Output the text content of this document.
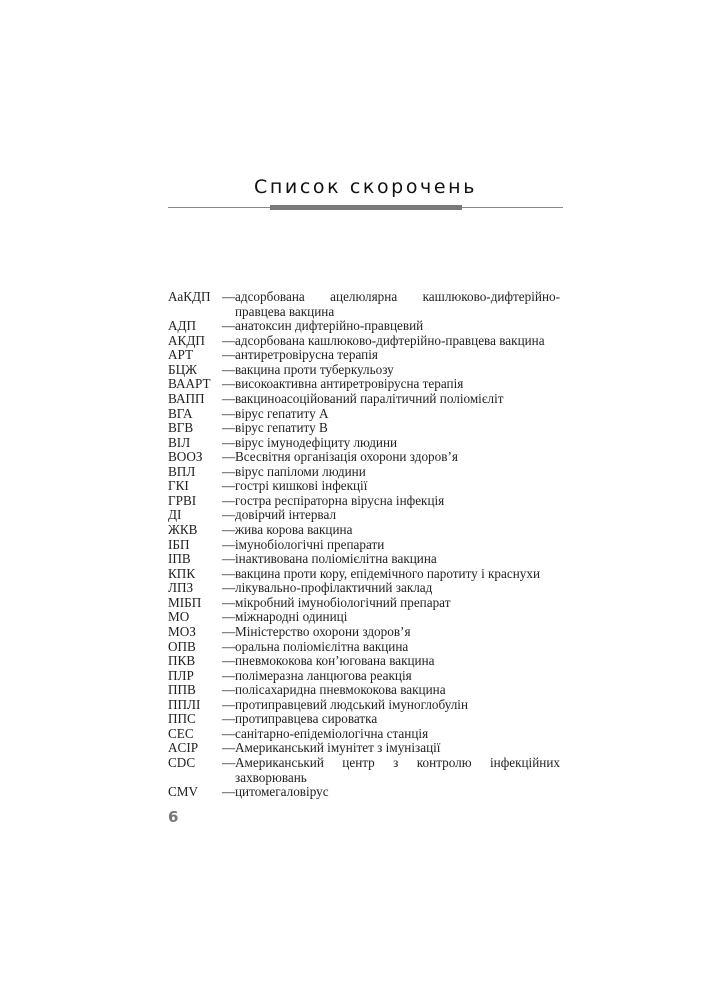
Список скорочень
АаКДП — адсорбована ацелюлярна кашлюково-дифтерійно-правцева вакцина
АДП	— анатоксин дифтерійно-правцевий
АКДП	— адсорбована кашлюково-дифтерійно-правцева вакцина
АРТ	— антиретровірусна терапія
БЦЖ	— вакцина проти туберкульозу
ВААРТ — високоактивна антиретровірусна терапія
ВАПП	— вакциноасоційований паралітичний поліомієліт
ВГА	— вірус гепатиту А
ВГВ	— вірус гепатиту В
ВІЛ	— вірус імунодефіциту людини
ВООЗ	— Всесвітня організація охорони здоров’я
ВПЛ	— вірус папіломи людини
ГКІ	— гострі кишкові інфекції
ГРВІ	— гостра респіраторна вірусна інфекція
ДІ	— довірчий інтервал
ЖКВ	— жива корова вакцина
ІБП	— імунобіологічні препарати
ІПВ	— інактивована поліомієлітна вакцина
КПК	— вакцина проти кору, епідемічного паротиту і краснухи
ЛПЗ	— лікувально-профілактичний заклад
МІБП	— мікробний імунобіологічний препарат
МО	— міжнародні одиниці
МОЗ	— Міністерство охорони здоров’я
ОПВ	— оральна поліомієлітна вакцина
ПКВ	— пневмококова кон’югована вакцина
ПЛР	— полімеразна ланцюгова реакція
ППВ	— полісахаридна пневмококова вакцина
ППЛІ	— протиправцевий людський імуноглобулін
ППС	— протиправцева сироватка
СЕС	— санітарно-епідеміологічна станція
ACIP	— Американський імунітет з імунізації
CDC	— Американський центр з контролю інфекційних захворювань
CMV	— цитомегаловірус
6
